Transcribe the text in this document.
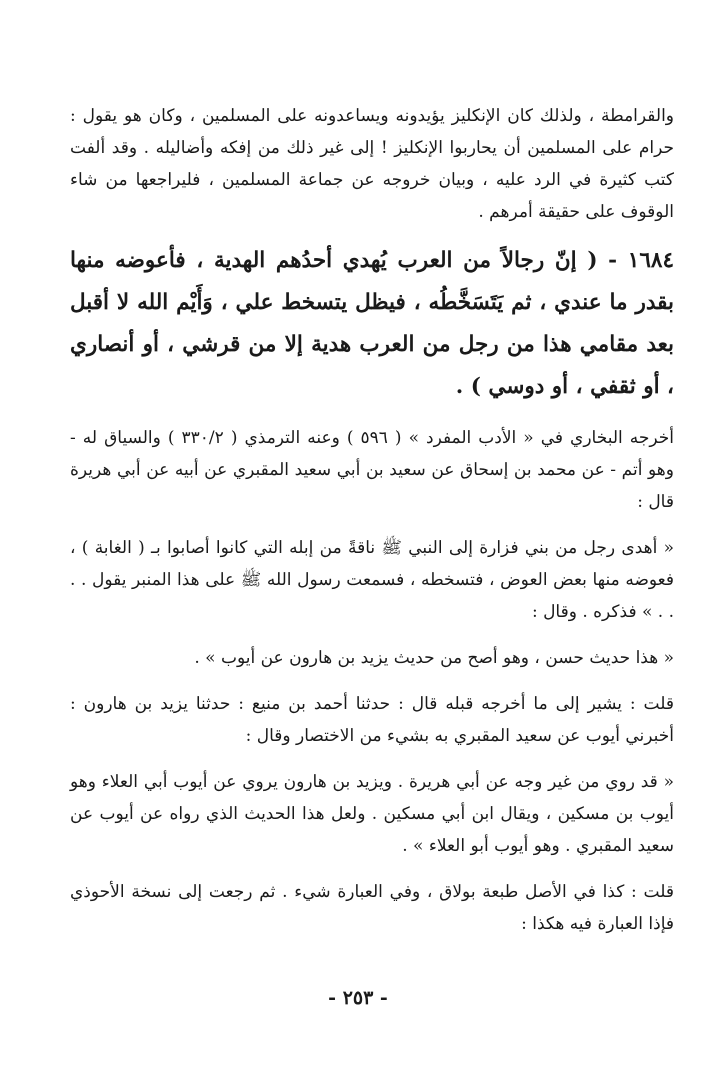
والقرامطة ، ولذلك كان الإنكليز يؤيدونه ويساعدونه على المسلمين ، وكان هو يقول : حرام على المسلمين أن يحاربوا الإنكليز ! إلى غير ذلك من إفكه وأضاليله . وقد ألفت كتب كثيرة في الرد عليه ، وبيان خروجه عن جماعة المسلمين ، فليراجعها من شاء الوقوف على حقيقة أمرهم .

١٦٨٤ - ( إنّ رجالاً من العرب يُهدي أحدُهم الهدية ، فأعوضه منها بقدر ما عندي ، ثم يَتَسَخَّطُه ، فيظل يتسخط علي ، وَأَيْم الله لا أقبل بعد مقامي هذا من رجل من العرب هدية إلا من قرشي ، أو أنصاري ، أو ثقفي ، أو دوسي ) .

أخرجه البخاري في « الأدب المفرد » ( ٥٩٦ ) وعنه الترمذي ( ٣٣٠/٢ ) والسياق له - وهو أتم - عن محمد بن إسحاق عن سعيد بن أبي سعيد المقبري عن أبيه عن أبي هريرة قال :

« أهدى رجل من بني فزارة إلى النبي ﷺ ناقةً من إبله التي كانوا أصابوا بـ ( الغابة ) ، فعوضه منها بعض العوض ، فتسخطه ، فسمعت رسول الله ﷺ على هذا المنبر يقول . . . . » فذكره . وقال :

« هذا حديث حسن ، وهو أصح من حديث يزيد بن هارون عن أيوب » .

قلت : يشير إلى ما أخرجه قبله قال : حدثنا أحمد بن منيع : حدثنا يزيد بن هارون : أخبرني أيوب عن سعيد المقبري به بشيء من الاختصار وقال :

« قد روي من غير وجه عن أبي هريرة . ويزيد بن هارون يروي عن أيوب أبي العلاء وهو أيوب بن مسكين ، ويقال ابن أبي مسكين . ولعل هذا الحديث الذي رواه عن أيوب عن سعيد المقبري . وهو أيوب أبو العلاء » .

قلت : كذا في الأصل طبعة بولاق ، وفي العبارة شيء . ثم رجعت إلى نسخة الأحوذي فإذا العبارة فيه هكذا :

- ٢٥٣ -
